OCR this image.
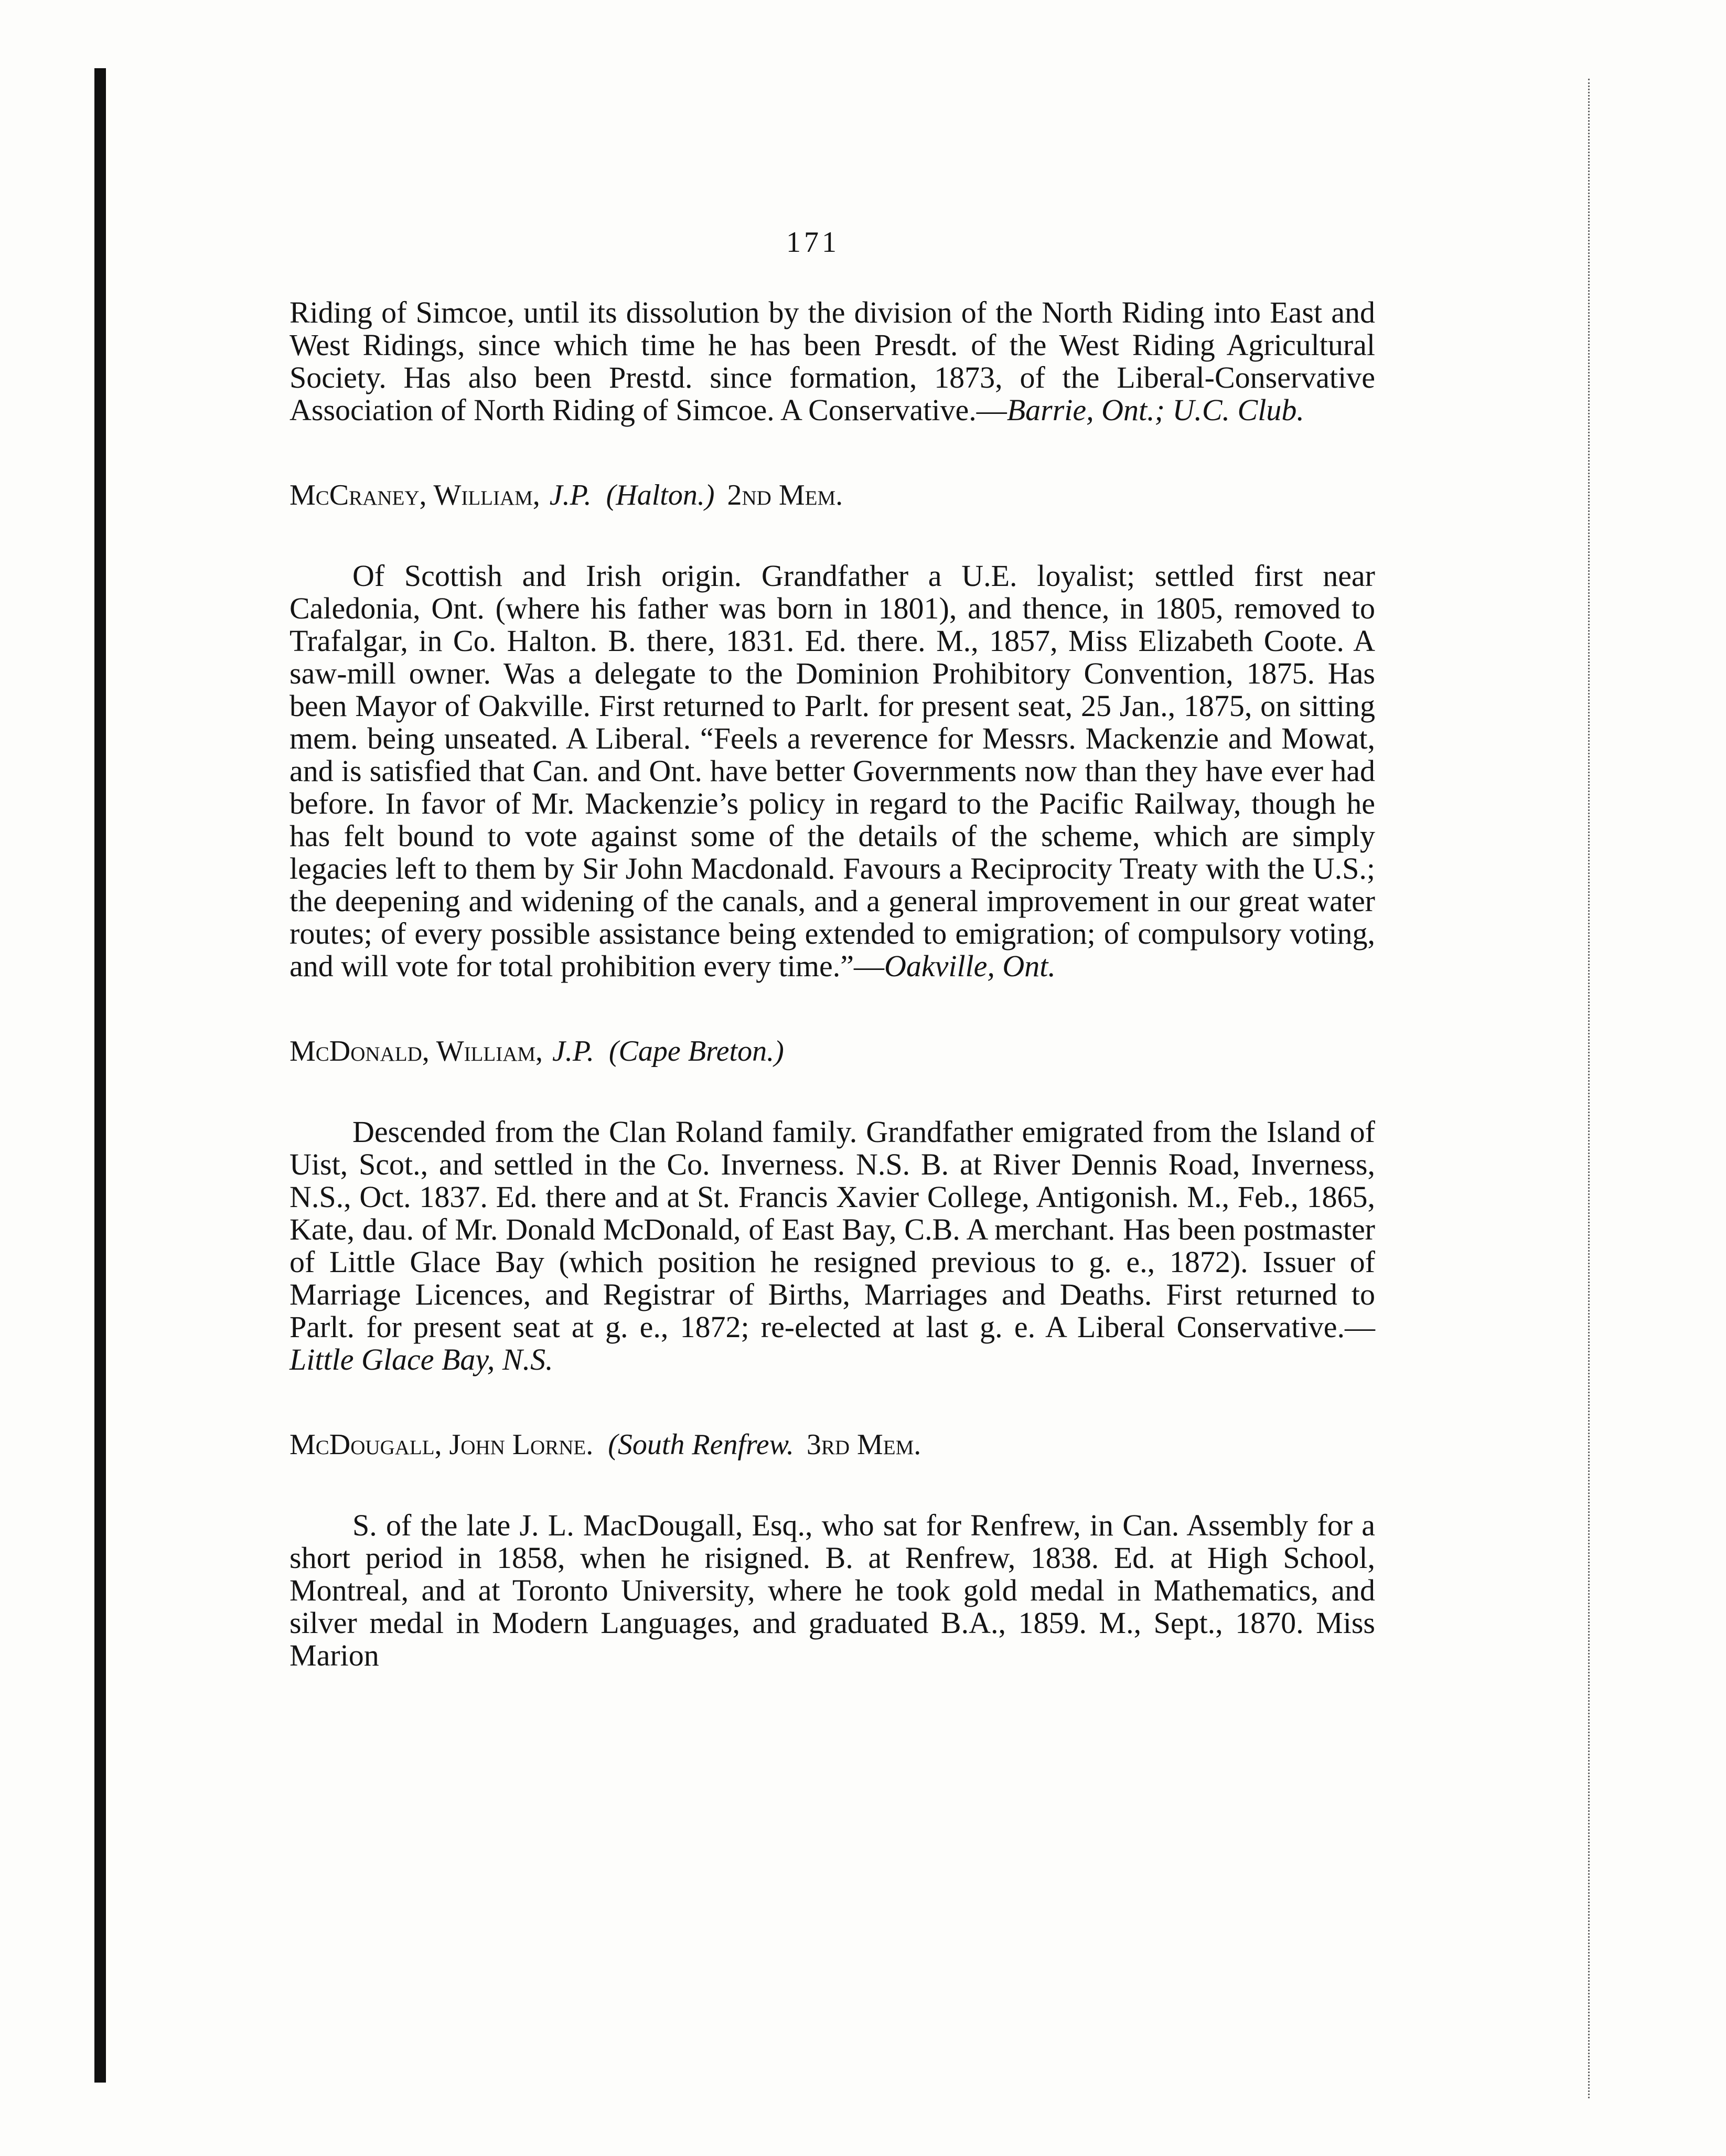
171

Riding of Simcoe, until its dissolution by the division of the North Riding into East and West Ridings, since which time he has been Presdt. of the West Riding Agricultural Society. Has also been Prestd. since formation, 1873, of the Liberal-Conservative Association of North Riding of Simcoe. A Conservative.—Barrie, Ont.; U.C. Club.

McCraney, William, J.P. (Halton.) 2nd Mem.

Of Scottish and Irish origin. Grandfather a U.E. loyalist; settled first near Caledonia, Ont. (where his father was born in 1801), and thence, in 1805, removed to Trafalgar, in Co. Halton. B. there, 1831. Ed. there. M., 1857, Miss Elizabeth Coote. A saw-mill owner. Was a delegate to the Dominion Prohibitory Convention, 1875. Has been Mayor of Oakville. First returned to Parlt. for present seat, 25 Jan., 1875, on sitting mem. being unseated. A Liberal. “Feels a reverence for Messrs. Mackenzie and Mowat, and is satisfied that Can. and Ont. have better Governments now than they have ever had before. In favor of Mr. Mackenzie’s policy in regard to the Pacific Railway, though he has felt bound to vote against some of the details of the scheme, which are simply legacies left to them by Sir John Macdonald. Favours a Reciprocity Treaty with the U.S.; the deepening and widening of the canals, and a general improvement in our great water routes; of every possible assistance being extended to emigration; of compulsory voting, and will vote for total prohibition every time.”—Oakville, Ont.

McDonald, William, J.P. (Cape Breton.)

Descended from the Clan Roland family. Grandfather emigrated from the Island of Uist, Scot., and settled in the Co. Inverness. N.S. B. at River Dennis Road, Inverness, N.S., Oct. 1837. Ed. there and at St. Francis Xavier College, Antigonish. M., Feb., 1865, Kate, dau. of Mr. Donald McDonald, of East Bay, C.B. A merchant. Has been postmaster of Little Glace Bay (which position he resigned previous to g. e., 1872). Issuer of Marriage Licences, and Registrar of Births, Marriages and Deaths. First returned to Parlt. for present seat at g. e., 1872; re-elected at last g. e. A Liberal Conservative.—Little Glace Bay, N.S.

McDougall, John Lorne. (South Renfrew. 3rd Mem.

S. of the late J. L. MacDougall, Esq., who sat for Renfrew, in Can. Assembly for a short period in 1858, when he risigned. B. at Renfrew, 1838. Ed. at High School, Montreal, and at Toronto University, where he took gold medal in Mathematics, and silver medal in Modern Languages, and graduated B.A., 1859. M., Sept., 1870. Miss Marion
